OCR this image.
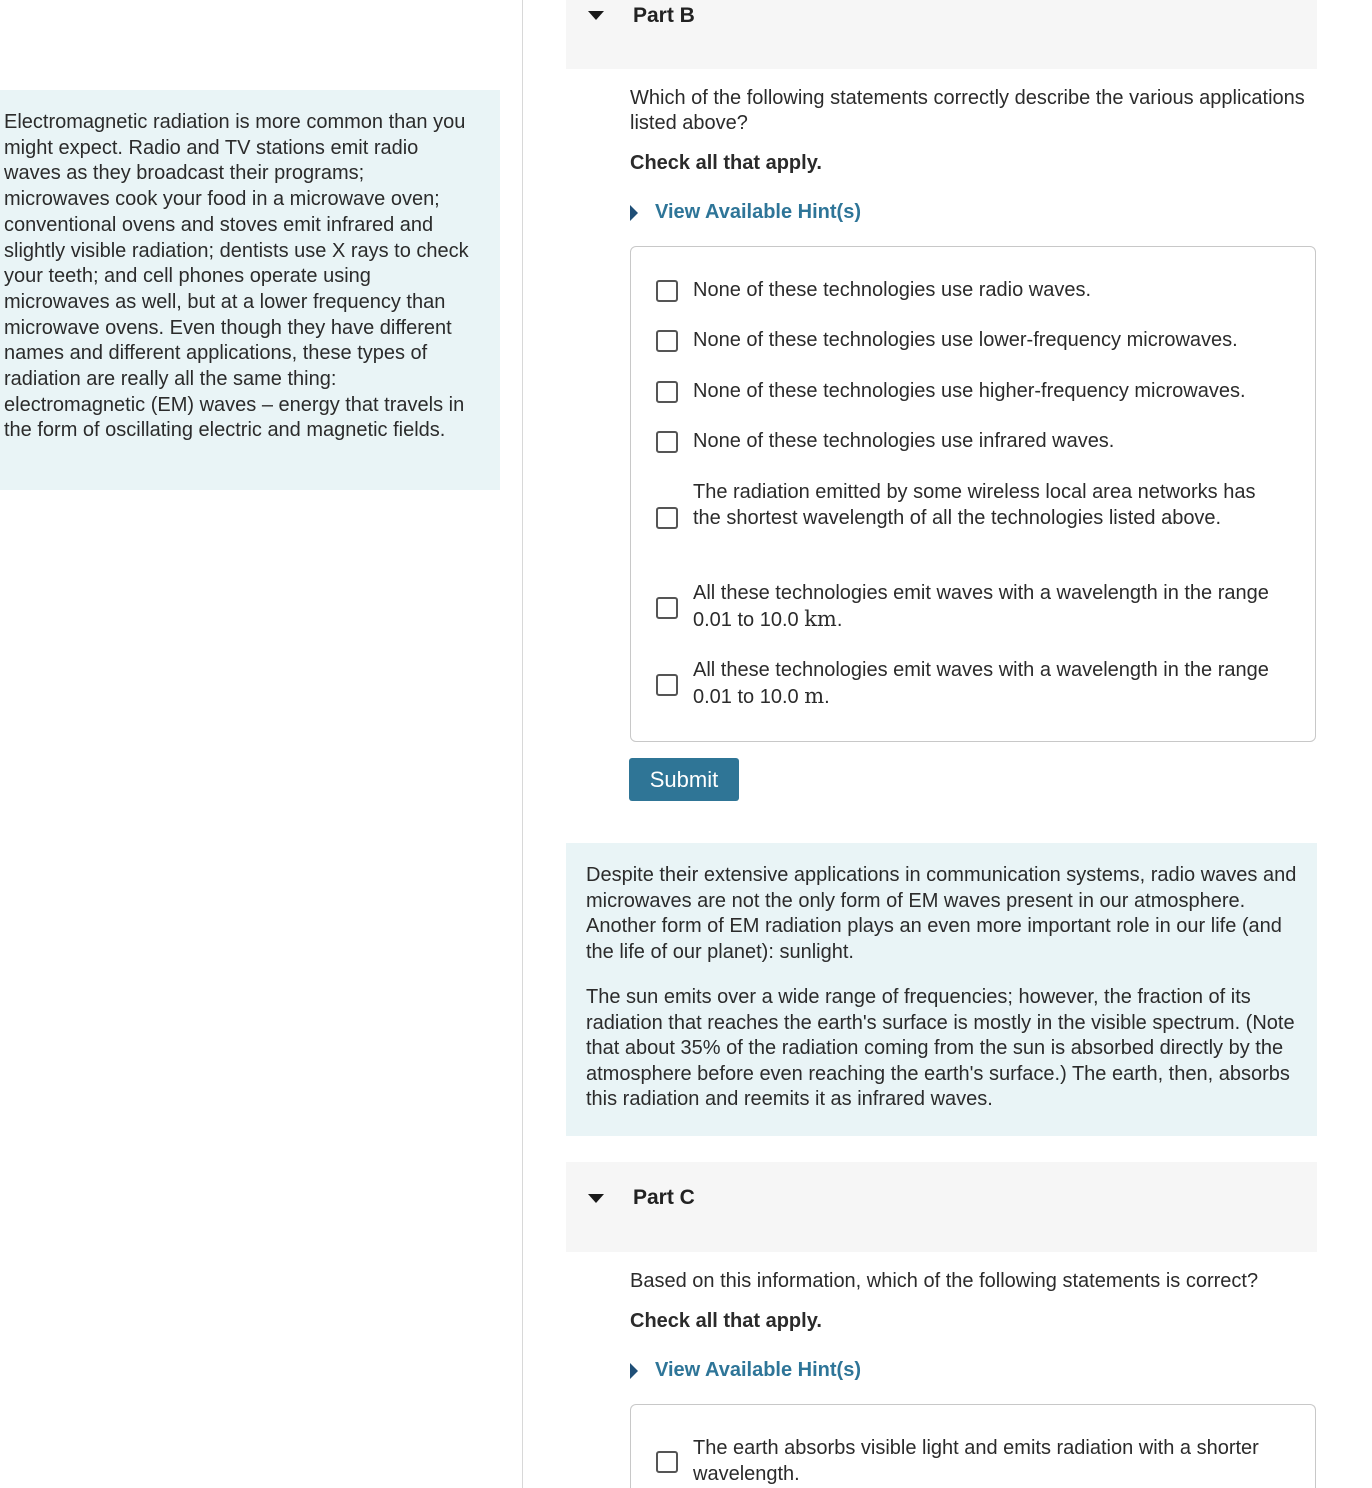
Electromagnetic radiation is more common than you might expect. Radio and TV stations emit radio waves as they broadcast their programs; microwaves cook your food in a microwave oven; conventional ovens and stoves emit infrared and slightly visible radiation; dentists use X rays to check your teeth; and cell phones operate using microwaves as well, but at a lower frequency than microwave ovens. Even though they have different names and different applications, these types of radiation are really all the same thing: electromagnetic (EM) waves – energy that travels in the form of oscillating electric and magnetic fields.
Part B
Which of the following statements correctly describe the various applications listed above?
Check all that apply.
View Available Hint(s)
None of these technologies use radio waves.
None of these technologies use lower-frequency microwaves.
None of these technologies use higher-frequency microwaves.
None of these technologies use infrared waves.
The radiation emitted by some wireless local area networks has the shortest wavelength of all the technologies listed above.
All these technologies emit waves with a wavelength in the range 0.01 to 10.0 km.
All these technologies emit waves with a wavelength in the range 0.01 to 10.0 m.
Submit

Despite their extensive applications in communication systems, radio waves and microwaves are not the only form of EM waves present in our atmosphere. Another form of EM radiation plays an even more important role in our life (and the life of our planet): sunlight.

The sun emits over a wide range of frequencies; however, the fraction of its radiation that reaches the earth's surface is mostly in the visible spectrum. (Note that about 35% of the radiation coming from the sun is absorbed directly by the atmosphere before even reaching the earth's surface.) The earth, then, absorbs this radiation and reemits it as infrared waves.

Part C
Based on this information, which of the following statements is correct?
Check all that apply.
View Available Hint(s)
The earth absorbs visible light and emits radiation with a shorter wavelength.
